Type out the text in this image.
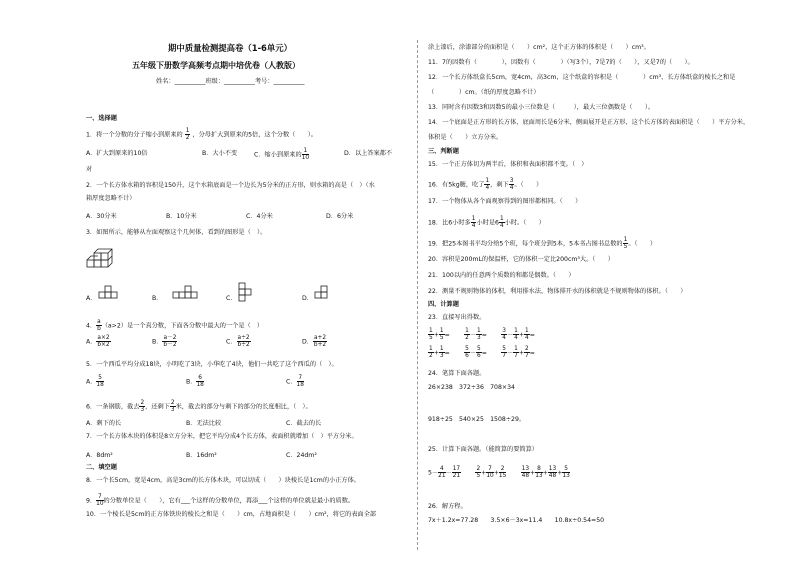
期中质量检测提高卷（1-6单元）
五年级下册数学高频考点期中培优卷（人教版）
姓名：__________班级：__________考号：__________
一、选择题
1．将一个分数的分子缩小到原来的 $\frac{1}{2}$ ，分母扩大到原来的5倍，这个分数（　　）。
A．扩大到原来的10倍	B．大小不变	C．缩小到原来的 $\frac{1}{10}$	D．以上答案都不
对
2．一个长方体水箱的容积是150升，这个水箱底面是一个边长为5分米的正方形，则水箱的高是（　）（水
箱厚度忽略不计）
A．30分米	B．10分米	C．4分米	D．6分米
3．如图所示，能够从左面观察这个几何体，看到的图形是（　）。
A．	B．	C．	D．
4． $\frac{a}{b} (a>2)$是一个真分数，下面各分数中最大的一个是（　）
A． $\frac{a\times 2}{b\times 2}$	B． $\frac{a-2}{b-2}$	C． $\frac{a\div 2}{b\div 2}$	D． $\frac{a+2}{b+2}$
5．一个西瓜平均分成18块，小明吃了3块，小华吃了4块，他们一共吃了这个西瓜的（　）。
A． $\frac{5}{18}$	B． $\frac{6}{18}$	C． $\frac{7}{18}$
6．一条钢筋，截去 $\frac{2}{3}$ ，还剩下 $\frac{2}{3}$ 米，截去的部分与剩下的部分的长度相比，（　）。
A．剩下的长	B．无法比较	C．截去的长
7．一个长方体木块的体积是8立方分米，把它平均分成4个长方体，表面积就增加（　）平方分米。
A．8dm²	B．16dm²	C．24dm²
二、填空题
8．一个长5cm，宽是4cm，高是3cm的长方体木块，可以切成（　　）块棱长是1cm的小正方体。
9． $\frac{7}{10}$ 的分数单位是（　　），它有___个这样的分数单位，再添___个这样的单位就是最小的质数。
10．一个棱长是5cm的正方体铁块的棱长之和是（　　）cm，占地面积是（　　）cm²，将它的表面全部
涂上漆后，涂漆部分的面积是（　　）cm²，这个正方体的体积是（　　）cm³。
11．7的因数有（　　　　），因数有（　　　　）（写3个），7是7的（　　），又是7的（　　）。
12．一个长方体纸盒长5cm，宽4cm，高3cm，这个纸盒的容积是（　　　　）cm³，长方体纸盒的棱长之和是
（　　　　）cm。（纸的厚度忽略不计）
13．同时含有因数3和因数5的最小三位数是（　　　），最大三位偶数是（　　）。
14．一个底面是正方形的长方体，底面周长是6分米，侧面展开是正方形，这个长方体的表面积是（　　）平方分米，
体积是（　　）立方分米。
三、判断题
15．一个正方体切为两半后，体积和表面积都不变。（　）
16．有5kg糖，吃了 $\frac{1}{4}$ ，剩下 $\frac{3}{4}$ 。（　　）
17．一个物体从各个面观察得到的图形都相同。（　　）
18．比6小时多 $\frac{1}{4}$ 小时是$6 \frac{1}{4}$ 小时。（　　）
19．把25本图书平均分给5个班，每个班分到5本，5本书占图书总数的 $\frac{1}{5}$ 。（　　）
20．容积是200mL的保温杯，它的体积一定比200cm³大。（　　）
21．100以内的任意两个质数的和都是偶数。（　　）
22．测量不规则物体的体积，利用排水法，物体排开水的体积就是不规则物体的体积。（　　）
四、计算题
23．直接写出得数。
$\frac{1}{5} + \frac{1}{5}$ =　　 $\frac{1}{2} - \frac{1}{3}$ =　　 $\frac{3}{4} - \frac{1}{4} + \frac{1}{4}$ =
$\frac{1}{2} + \frac{1}{3}$ =　　 $\frac{5}{6} - \frac{5}{6}$ =　　 $\frac{5}{7} - \frac{1}{7} + \frac{2}{7}$ =
24．笔算下面各题。
26×238　372÷36　708×34
918÷25　540×25　1508÷29。
25．计算下面各题。（能简算的要简算）
$5- \frac{4}{21} - \frac{17}{21}$
　　 $\frac{2}{5} + \frac{7}{10} + \frac{2}{15}$
　　 $\frac{13}{48} + \frac{8}{13} + \frac{13}{48} + \frac{5}{13}$
26．解方程。
7x＋1.2x=77.28　　3.5×6－3x=11.4　　10.8x÷0.54=50
